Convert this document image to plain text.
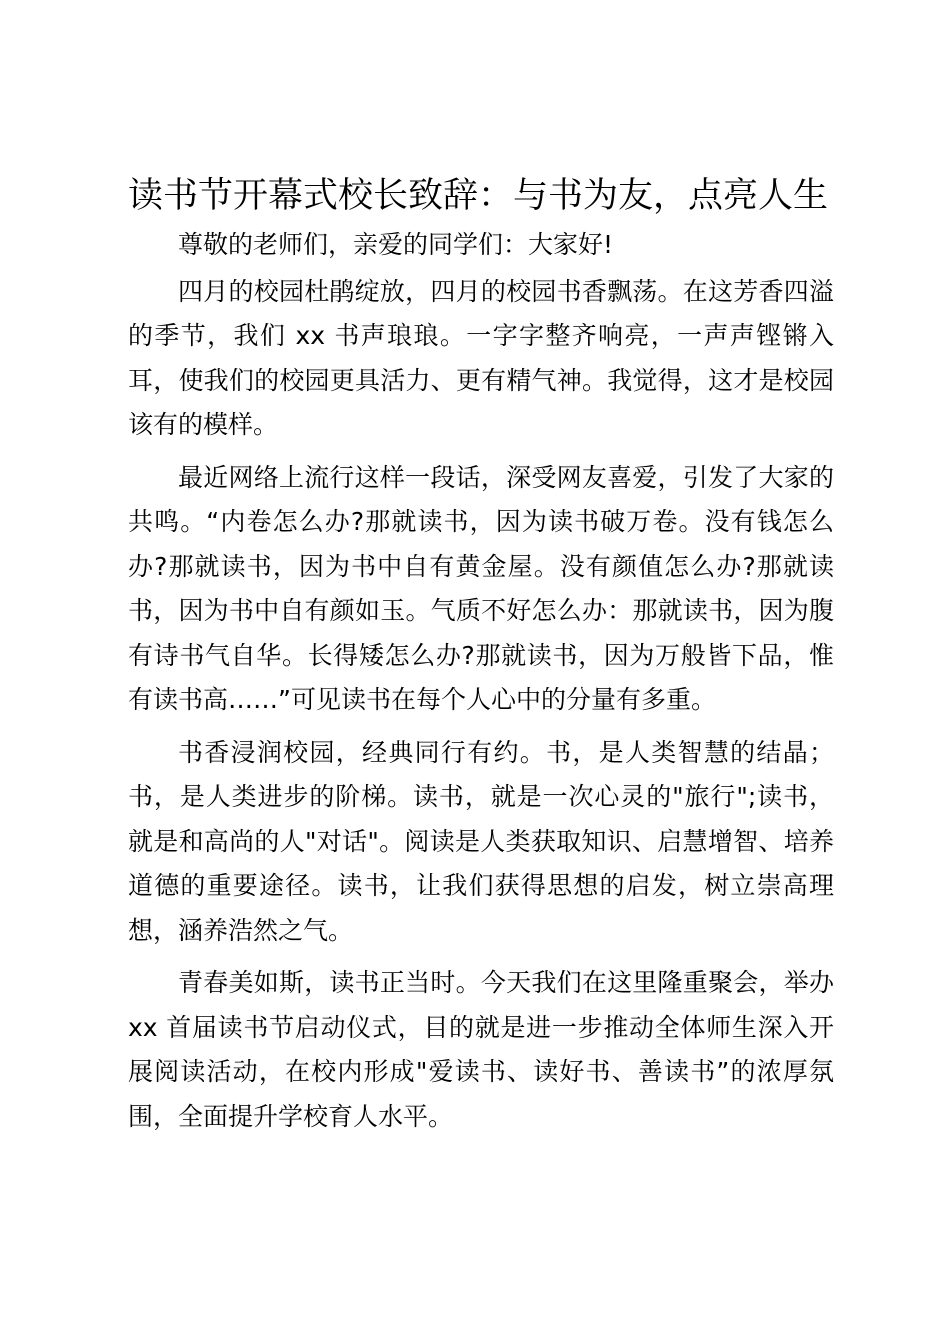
读书节开幕式校长致辞：与书为友，点亮人生

尊敬的老师们，亲爱的同学们：大家好!

四月的校园杜鹃绽放，四月的校园书香飘荡。在这芳香四溢的季节，我们 xx 书声琅琅。一字字整齐响亮，一声声铿锵入耳，使我们的校园更具活力、更有精气神。我觉得，这才是校园该有的模样。

最近网络上流行这样一段话，深受网友喜爱，引发了大家的共鸣。“内卷怎么办?那就读书，因为读书破万卷。没有钱怎么办?那就读书，因为书中自有黄金屋。没有颜值怎么办?那就读书，因为书中自有颜如玉。气质不好怎么办：那就读书，因为腹有诗书气自华。长得矮怎么办?那就读书，因为万般皆下品，惟有读书高……”可见读书在每个人心中的分量有多重。

书香浸润校园，经典同行有约。书，是人类智慧的结晶；书，是人类进步的阶梯。读书，就是一次心灵的"旅行";读书，就是和高尚的人"对话"。阅读是人类获取知识、启慧增智、培养道德的重要途径。读书，让我们获得思想的启发，树立崇高理想，涵养浩然之气。

青春美如斯，读书正当时。今天我们在这里隆重聚会，举办 xx 首届读书节启动仪式，目的就是进一步推动全体师生深入开展阅读活动，在校内形成"爱读书、读好书、善读书”的浓厚氛围，全面提升学校育人水平。
